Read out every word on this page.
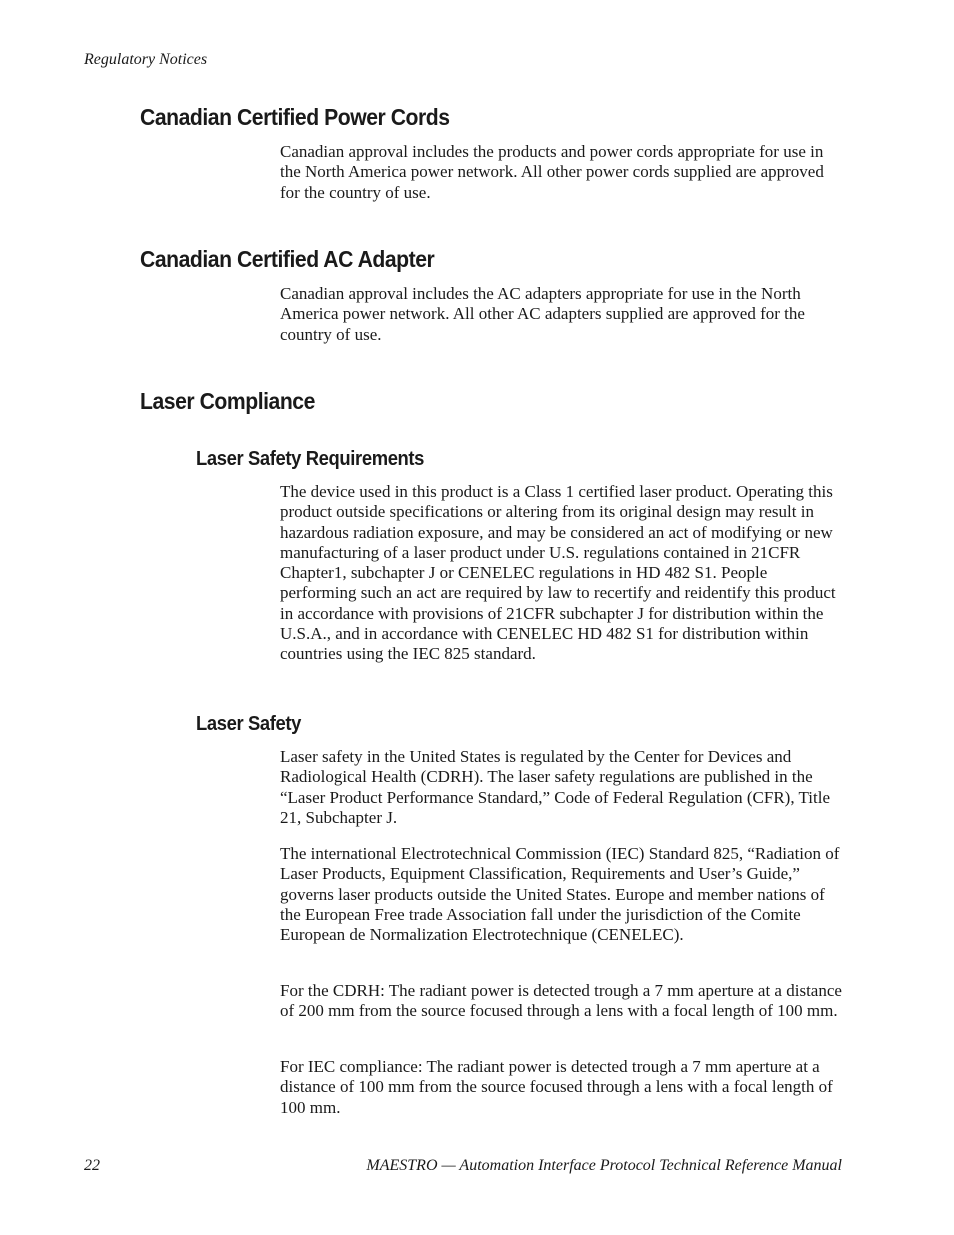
Regulatory Notices
Canadian Certified Power Cords

Canadian approval includes the products and power cords appropriate for use in the North America power network. All other power cords supplied are approved for the country of use.

Canadian Certified AC Adapter

Canadian approval includes the AC adapters appropriate for use in the North America power network. All other AC adapters supplied are approved for the country of use.

Laser Compliance
Laser Safety Requirements

The device used in this product is a Class 1 certified laser product. Operating this product outside specifications or altering from its original design may result in hazardous radiation exposure, and may be considered an act of modifying or new manufacturing of a laser product under U.S. regulations contained in 21CFR Chapter1, subchapter J or CENELEC regulations in HD 482 S1. People performing such an act are required by law to recertify and reidentify this product in accordance with provisions of 21CFR subchapter J for distribution within the U.S.A., and in accordance with CENELEC HD 482 S1 for distribution within countries using the IEC 825 standard.

Laser Safety

Laser safety in the United States is regulated by the Center for Devices and Radiological Health (CDRH). The laser safety regulations are published in the “Laser Product Performance Standard,” Code of Federal Regulation (CFR), Title 21, Subchapter J.

The international Electrotechnical Commission (IEC) Standard 825, “Radiation of Laser Products, Equipment Classification, Requirements and User’s Guide,” governs laser products outside the United States. Europe and member nations of the European Free trade Association fall under the jurisdiction of the Comite European de Normalization Electrotechnique (CENELEC).

For the CDRH: The radiant power is detected trough a 7 mm aperture at a distance of 200 mm from the source focused through a lens with a focal length of 100 mm.

For IEC compliance: The radiant power is detected trough a 7 mm aperture at a distance of 100 mm from the source focused through a lens with a focal length of 100 mm.

22	MAESTRO — Automation Interface Protocol Technical Reference Manual
